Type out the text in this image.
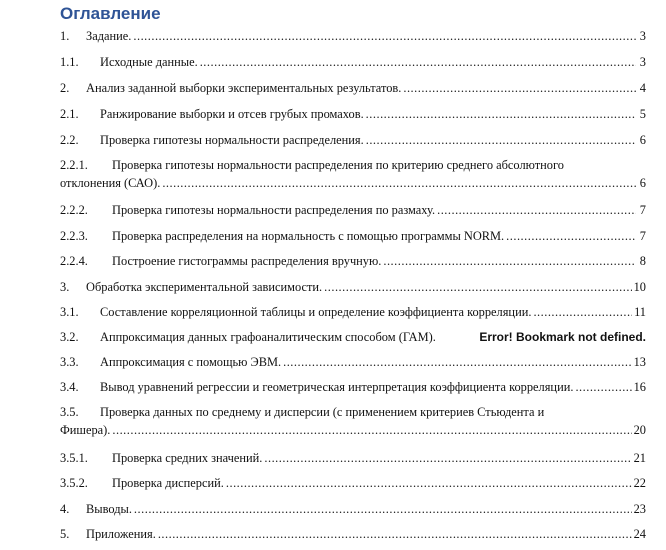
Оглавление
1.	Задание. .....	3
1.1.	Исходные данные. .....	3
2.	Анализ заданной выборки экспериментальных результатов. .....	4
2.1.	Ранжирование выборки и отсев грубых промахов. .....	5
2.2.	Проверка гипотезы нормальности распределения. .....	6
2.2.1. Проверка гипотезы нормальности распределения по критерию среднего абсолютного
отклонения (САО). .....	6
2.2.2.	Проверка гипотезы нормальности распределения по размаху. .....	7
2.2.3.	Проверка распределения на нормальность с помощью программы NORM. .....	7
2.2.4.	Построение гистограммы распределения вручную. .....	8
3.	Обработка экспериментальной зависимости. .....	10
3.1.	Составление корреляционной таблицы и определение коэффициента корреляции. .....	11
3.2.	Аппроксимация данных графоаналитическим способом (ГАМ).	Error! Bookmark not defined.
3.3.	Аппроксимация с помощью ЭВМ. .....	13
3.4.	Вывод уравнений регрессии и геометрическая интерпретация коэффициента корреляции. .....	16
3.5. Проверка данных по среднему и дисперсии (с применением критериев Стьюдента и
Фишера). .....	20
3.5.1.	Проверка средних значений. .....	21
3.5.2.	Проверка дисперсий. .....	22
4.	Выводы. .....	23
5.	Приложения. .....	24
